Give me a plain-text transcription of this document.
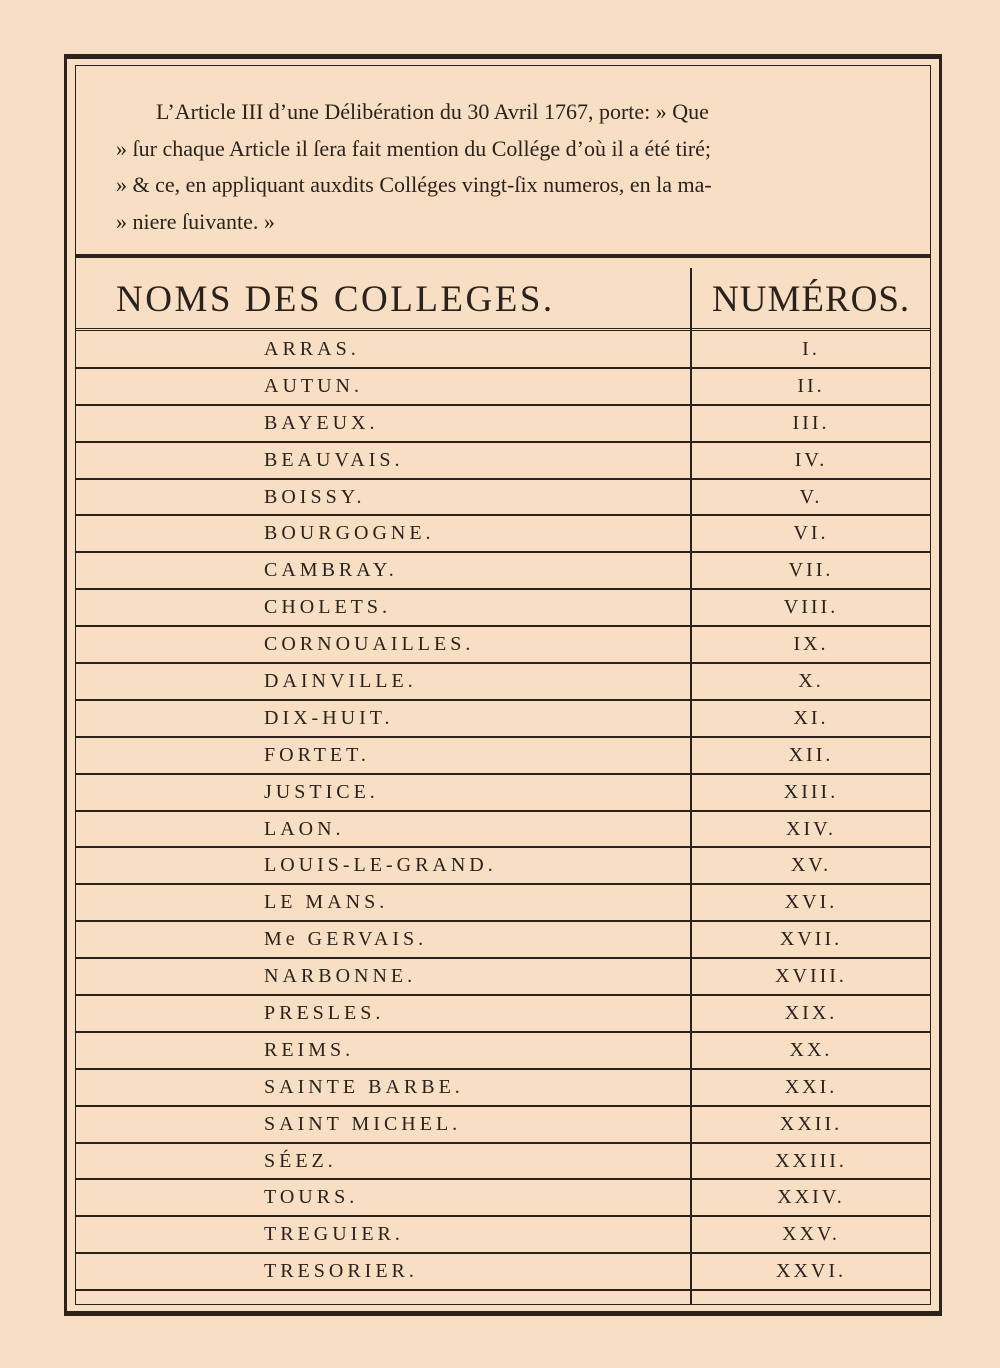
L’Article III d’une Délibération du 30 Avril 1767, porte: » Que
» ſur chaque Article il ſera fait mention du Collége d’où il a été tiré;
» & ce, en appliquant auxdits Colléges vingt-ſix numeros, en la ma-
» niere ſuivante. »
NOMS DES COLLEGES.	NUMÉROS.
ARRAS.	I.
AUTUN.	II.
BAYEUX.	III.
BEAUVAIS.	IV.
BOISSY.	V.
BOURGOGNE.	VI.
CAMBRAY.	VII.
CHOLETS.	VIII.
CORNOUAILLES.	IX.
DAINVILLE.	X.
DIX-HUIT.	XI.
FORTET.	XII.
JUSTICE.	XIII.
LAON.	XIV.
LOUIS-LE-GRAND.	XV.
LE MANS.	XVI.
Me GERVAIS.	XVII.
NARBONNE.	XVIII.
PRESLES.	XIX.
REIMS.	XX.
SAINTE BARBE.	XXI.
SAINT MICHEL.	XXII.
SÉEZ.	XXIII.
TOURS.	XXIV.
TREGUIER.	XXV.
TRESORIER.	XXVI.
